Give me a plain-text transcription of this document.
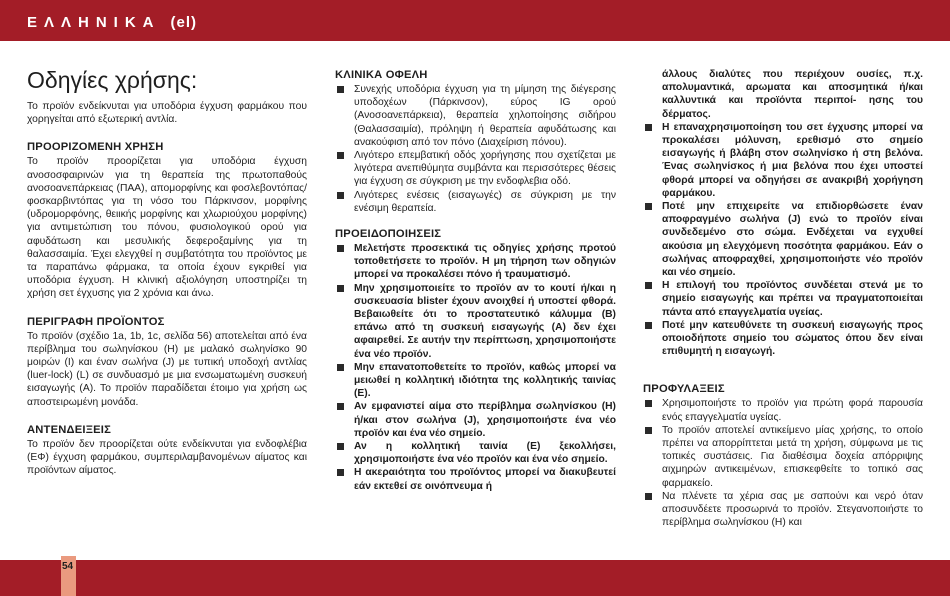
ΕΛΛΗΝΙΚΑ (el)
Οδηγίες χρήσης:

Το προϊόν ενδείκνυται για υποδόρια έγχυση φαρμάκου που χορηγείται από εξωτερική αντλία.

ΠΡΟΟΡΙΖΟΜΕΝΗ ΧΡΗΣΗ

Το προϊόν προορίζεται για υποδόρια έγχυση ανοσοσφαιρινών για τη θεραπεία της πρωτοπαθούς ανοσοανεπάρκειας (ΠΑΑ), απομορφίνης και φοσλεβοντόπας/φοσκαρβιντόπας για τη νόσο του Πάρκινσον, μορφίνης (υδρομορφόνης, θειικής μορφίνης και χλωριούχου μορφίνης) για αντιμετώπιση του πόνου, φυσιολογικού ορού για αφυδάτωση και μεσυλικής δεφεροξαμίνης για τη θαλασσαιμία. Έχει ελεγχθεί η συμβατότητα του προϊόντος με τα παραπάνω φάρμακα, τα οποία έχουν εγκριθεί για υποδόρια έγχυση. Η κλινική αξιολόγηση υποστηρίζει τη χρήση σετ έγχυσης για 2 χρόνια και άνω.

ΠΕΡΙΓΡΑΦΗ ΠΡΟΪΟΝΤΟΣ

Το προϊόν (σχέδιο 1a, 1b, 1c, σελίδα 56) αποτελείται από ένα περίβλημα του σωληνίσκου (H) με μαλακό σωληνίσκο 90 μοιρών (I) και έναν σωλήνα (J) με τυπική υποδοχή αντλίας (luer-lock) (L) σε συνδυασμό με μια ενσωματωμένη συσκευή εισαγωγής (A). Το προϊόν παραδίδεται έτοιμο για χρήση ως αποστειρωμένη μονάδα.

ΑΝΤΕΝΔΕΙΞΕΙΣ

Το προϊόν δεν προορίζεται ούτε ενδείκνυται για ενδοφλέβια (ΕΦ) έγχυση φαρμάκου, συμπεριλαμβανομένων αίματος και προϊόντων αίματος.

ΚΛΙΝΙΚΑ ΟΦΕΛΗ
Συνεχής υποδόρια έγχυση για τη μίμηση της διέγερσης υποδοχέων (Πάρκινσον), εύρος IG ορού (Ανοσοανεπάρκεια), θεραπεία χηλοποίησης σιδήρου (Θαλασσαιμία), πρόληψη ή θεραπεία αφυδάτωσης και ανακούφιση από τον πόνο (Διαχείριση πόνου).
Λιγότερο επεμβατική οδός χορήγησης που σχετίζεται με λιγότερα ανεπιθύμητα συμβάντα και περισσότερες θέσεις για έγχυση σε σύγκριση με την ενδοφλεβια οδό.
Λιγότερες ενέσεις (εισαγωγές) σε σύγκριση με την ενέσιμη θεραπεία.
ΠΡΟΕΙΔΟΠΟΙΗΣΕΙΣ
Μελετήστε προσεκτικά τις οδηγίες χρήσης προτού τοποθετήσετε το προϊόν. Η μη τήρηση των οδηγιών μπορεί να προκαλέσει πόνο ή τραυματισμό.
Μην χρησιμοποιείτε το προϊόν αν το κουτί ή/και η συσκευασία blister έχουν ανοιχθεί ή υποστεί φθορά. Βεβαιωθείτε ότι το προστατευτικό κάλυμμα (B) επάνω από τη συσκευή εισαγωγής (A) δεν έχει αφαιρεθεί. Σε αυτήν την περίπτωση, χρησιμοποιήστε ένα νέο προϊόν.
Μην επανατοποθετείτε το προϊόν, καθώς μπορεί να μειωθεί η κολλητική ιδιότητα της κολλητικής ταινίας (E).
Αν εμφανιστεί αίμα στο περίβλημα σωληνίσκου (H) ή/και στον σωλήνα (J), χρησιμοποιήστε ένα νέο προϊόν και ένα νέο σημείο.
Αν η κολλητική ταινία (E) ξεκολλήσει, χρησιμοποιήστε ένα νέο προϊόν και ένα νέο σημείο.
Η ακεραιότητα του προϊόντος μπορεί να διακυβευτεί εάν εκτεθεί σε οινόπνευμα ή
άλλους διαλύτες που περιέχουν ουσίες, π.χ. απολυμαντικά, αρωματα και αποσμητικά ή/και καλλυντικά και προϊόντα περιποί- ησης του δέρματος.
Η επαναχρησιμοποίηση του σετ έγχυσης μπορεί να προκαλέσει μόλυνση, ερεθισμό στο σημείο εισαγωγής ή βλάβη στον σωληνίσκο ή στη βελόνα. Ένας σωληνίσκος ή μια βελόνα που έχει υποστεί φθορά μπορεί να οδηγήσει σε ανακριβή χορήγηση φαρμάκου.
Ποτέ μην επιχειρείτε να επιδιορθώσετε έναν αποφραγμένο σωλήνα (J) ενώ το προϊόν είναι συνδεδεμένο στο σώμα. Ενδέχεται να εγχυθεί ακούσια μη ελεγχόμενη ποσότητα φαρμάκου. Εάν ο σωλήνας αποφραχθεί, χρησιμοποιήστε νέο προϊόν και νέο σημείο.
Η επιλογή του προϊόντος συνδέεται στενά με το σημείο εισαγωγής και πρέπει να πραγματοποιείται πάντα από επαγγελματία υγείας.
Ποτέ μην κατευθύνετε τη συσκευή εισαγωγής προς οποιοδήποτε σημείο του σώματος όπου δεν είναι επιθυμητή η εισαγωγή.
ΠΡΟΦΥΛΑΞΕΙΣ
Χρησιμοποιήστε το προϊόν για πρώτη φορά παρουσία ενός επαγγελματία υγείας.
Το προϊόν αποτελεί αντικείμενο μίας χρήσης, το οποίο πρέπει να απορρίπτεται μετά τη χρήση, σύμφωνα με τις τοπικές συστάσεις. Για διαθέσιμα δοχεία απόρριψης αιχμηρών αντικειμένων, επισκεφθείτε το τοπικό σας φαρμακείο.
Να πλένετε τα χέρια σας με σαπούνι και νερό όταν αποσυνδέετε προσωρινά το προϊόν. Στεγανοποιήστε το περίβλημα σωληνίσκου (H) και
54
